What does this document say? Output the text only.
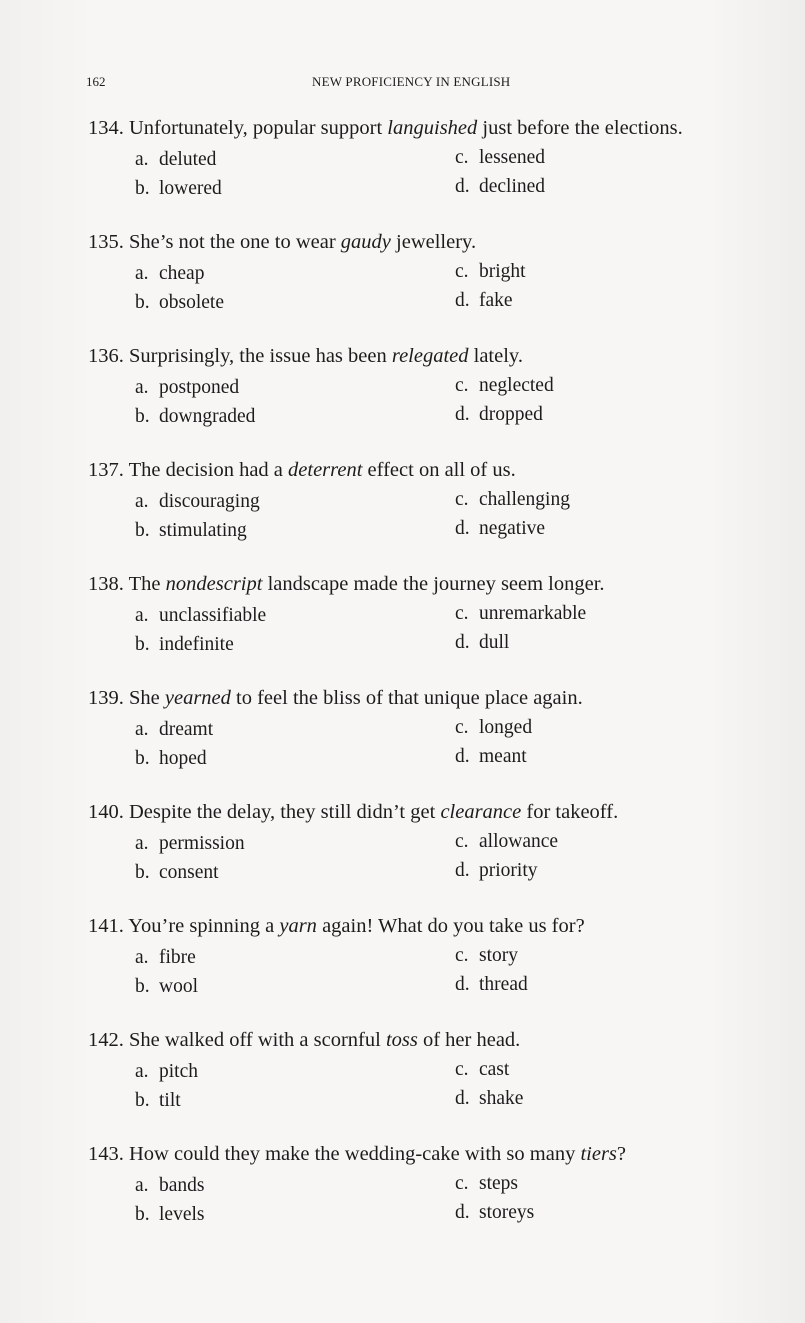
162	NEW PROFICIENCY IN ENGLISH
134. Unfortunately, popular support languished just before the elections.
a. deluted
b. lowered
c. lessened
d. declined
135. She’s not the one to wear gaudy jewellery.
a. cheap
b. obsolete
c. bright
d. fake
136. Surprisingly, the issue has been relegated lately.
a. postponed
b. downgraded
c. neglected
d. dropped
137. The decision had a deterrent effect on all of us.
a. discouraging
b. stimulating
c. challenging
d. negative
138. The nondescript landscape made the journey seem longer.
a. unclassifiable
b. indefinite
c. unremarkable
d. dull
139. She yearned to feel the bliss of that unique place again.
a. dreamt
b. hoped
c. longed
d. meant
140. Despite the delay, they still didn’t get clearance for takeoff.
a. permission
b. consent
c. allowance
d. priority
141. You’re spinning a yarn again! What do you take us for?
a. fibre
b. wool
c. story
d. thread
142. She walked off with a scornful toss of her head.
a. pitch
b. tilt
c. cast
d. shake
143. How could they make the wedding-cake with so many tiers?
a. bands
b. levels
c. steps
d. storeys
